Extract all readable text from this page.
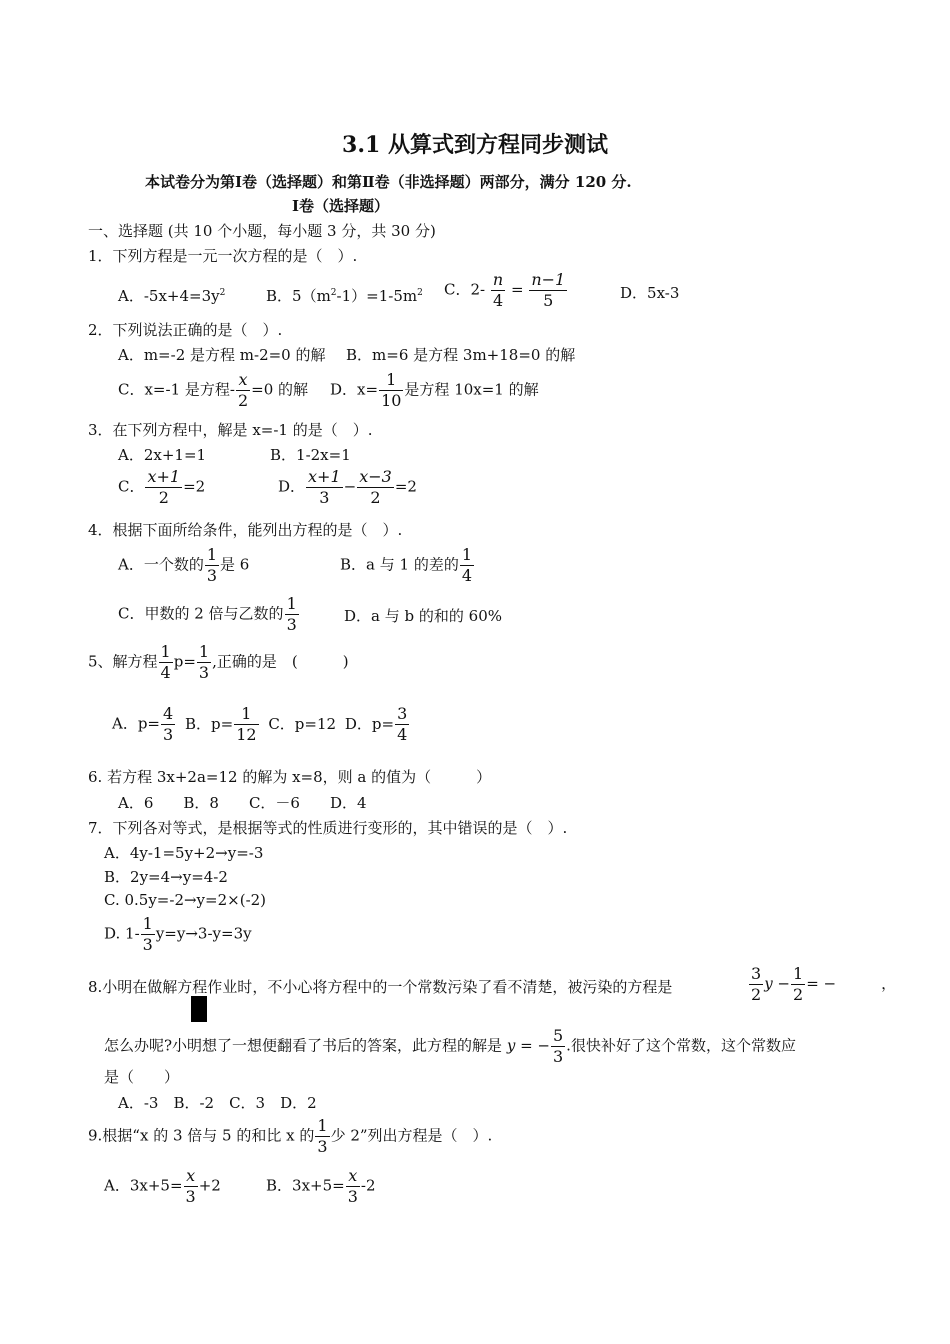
3.1 从算式到方程同步测试
本试卷分为第Ⅰ卷（选择题）和第Ⅱ卷（非选择题）两部分，满分 120 分.
Ⅰ卷（选择题）
一、选择题 (共 10 个小题，每小题 3 分，共 30 分)
1．下列方程是一元一次方程的是（　）.
A．$-5x+4=3y^2$	B．$5(m^2-1)=1-5m^2$ C．$2- \frac{n}{4} = \frac{n-1}{5}$	D．5x-3
2．下列说法正确的是（　）.
A．m=-2 是方程 m-2=0 的解 B．m=6 是方程 3m+18=0 的解
C．x=-1 是方程- $\frac{x}{2} =0$ 的解 D．$x= \frac{1}{10}$ 是方程 10x=1 的解
3．在下列方程中，解是 x=-1 的是（　）.
A．2x+1=1	B．1-2x=1
C． $\frac{x+1}{2} =2$	D． $\frac{x+1}{3} - \frac{x-3}{2} =2$
4．根据下面所给条件，能列出方程的是（　）.
A．一个数的 $\frac{1}{3}$ 是 6	B．a 与 1 的差的 $\frac{1}{4}$
C．甲数的 2 倍与乙数的 $\frac{1}{3}$	D．a 与 b 的和的 60%
5、解方程 $\frac{1}{4} p= \frac{1}{3}$ ,正确的是　(　　　)
A．$p= \frac{4}{3}$ B．$p= \frac{1}{12}$ C．p=12 D．$p= \frac{3}{4}$
6. 若方程 3x+2a=12 的解为 x=8，则 a 的值为（　　　）
A．6　　B．8　　C．－6　　D．4
7．下列各对等式，是根据等式的性质进行变形的，其中错误的是（　）.
A．4y-1=5y+2→y=-3
B．2y=4→y=4-2
C. 0.5y=-2→y=2×(-2)
D. $1- \frac{1}{3} y=y\to 3-y=3y$
8.小明在做解方程作业时，不小心将方程中的一个常数污染了看不清楚，被污染的方程是	$\frac{3}{2}$ $y - \frac{1}{2}$ = −　　　，
怎么办呢?小明想了一想便翻看了书后的答案，此方程的解是 y = − $\frac{5}{3}$ .很快补好了这个常数，这个常数应
是（　　）
A．-3　B．-2　C．3　D．2
9.根据“x 的 3 倍与 5 的和比 x 的 $\frac{1}{3}$ 少 2”列出方程是（　）.
A．$3x+5= \frac{x}{3} +2$	B．$3x+5= \frac{x}{3} -2$
